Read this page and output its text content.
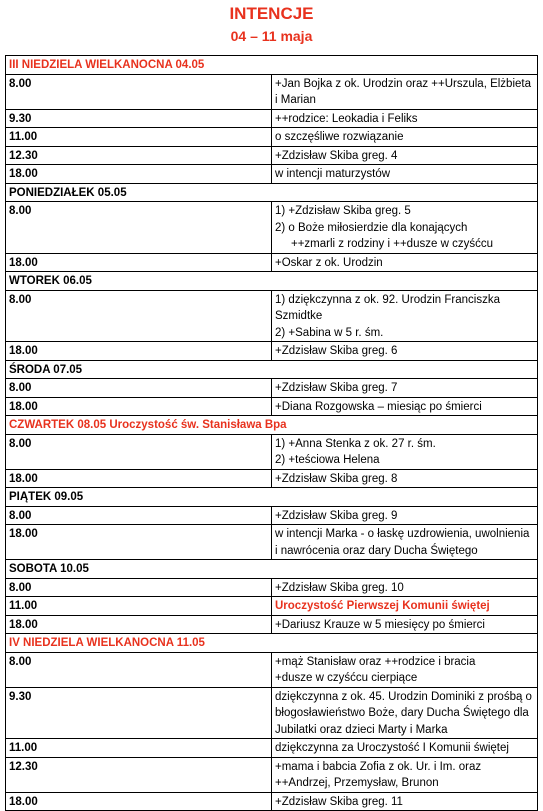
INTENCJE
04 – 11 maja
III NIEDZIELA WIELKANOCNA 04.05	
8.00	+Jan Bojka z ok. Urodzin oraz ++Urszula, Elżbieta i Marian

9.30	++rodzice: Leokadia i Feliks

11.00	o szczęśliwe rozwiązanie

12.30	+Zdzisław Skiba greg. 4

18.00	w intencji maturzystów

PONIEDZIAŁEK 05.05	
8.00	1) +Zdzisław Skiba greg. 5
2) o Boże miłosierdzie dla konających
++zmarli z rodziny i ++dusze w czyśćcu

18.00	+Oskar z ok. Urodzin

WTOREK 06.05	
8.00	1) dziękczynna z ok. 92. Urodzin Franciszka Szmidtke
2) +Sabina w 5 r. śm.

18.00	+Zdzisław Skiba greg. 6

ŚRODA 07.05	
8.00	+Zdzisław Skiba greg. 7

18.00	+Diana Rozgowska – miesiąc po śmierci

CZWARTEK 08.05 Uroczystość św. Stanisława Bpa	
8.00	1) +Anna Stenka z ok. 27 r. śm.
2) +teściowa Helena

18.00	+Zdzisław Skiba greg. 8

PIĄTEK 09.05	
8.00	+Zdzisław Skiba greg. 9

18.00	w intencji Marka - o łaskę uzdrowienia, uwolnienia i nawrócenia oraz dary Ducha Świętego

SOBOTA 10.05	
8.00	+Zdzisław Skiba greg. 10

11.00	Uroczystość Pierwszej Komunii świętej

18.00	+Dariusz Krauze w 5 miesięcy po śmierci

IV NIEDZIELA WIELKANOCNA 11.05	
8.00	+mąż Stanisław oraz ++rodzice i bracia
+dusze w czyśćcu cierpiące

9.30	dziękczynna z ok. 45. Urodzin Dominiki z prośbą o błogosławieństwo Boże, dary Ducha Świętego dla Jubilatki oraz dzieci Marty i Marka

11.00	dziękczynna za Uroczystość I Komunii świętej

12.30	+mama i babcia Zofia z ok. Ur. i Im. oraz ++Andrzej, Przemysław, Brunon

18.00	+Zdzisław Skiba greg. 11
